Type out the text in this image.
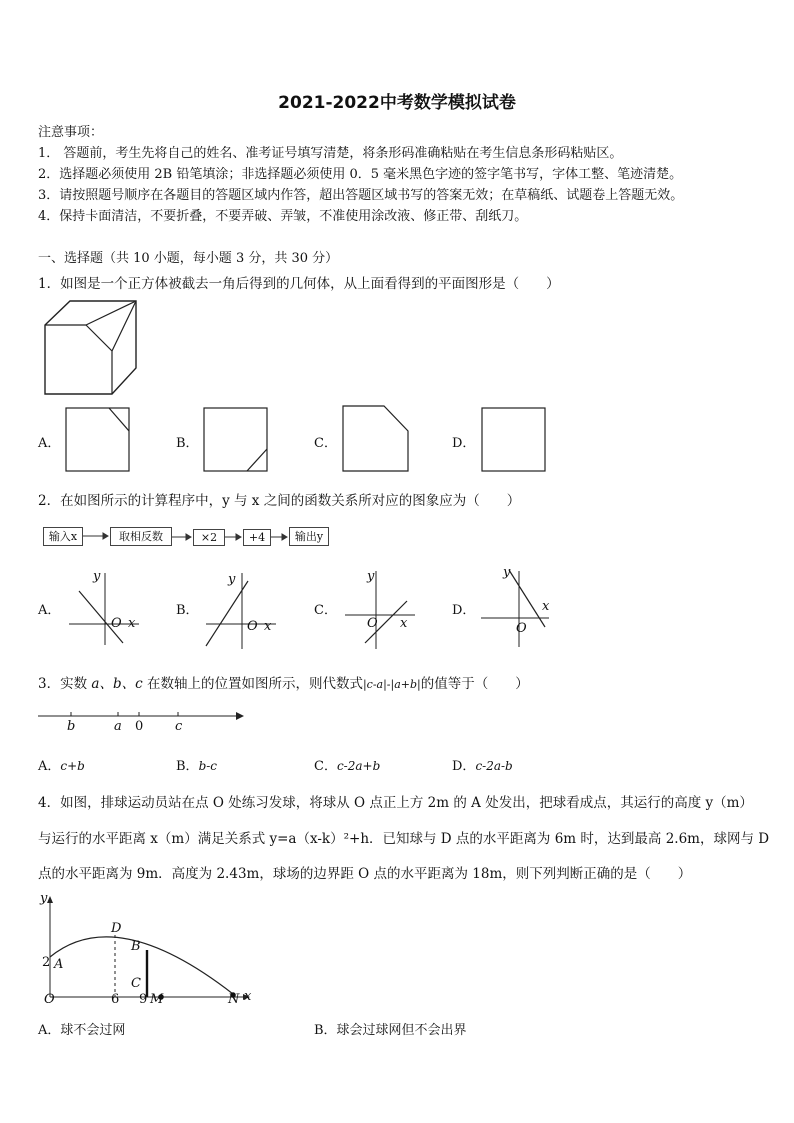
2021-2022中考数学模拟试卷
注意事项：
1． 答题前，考生先将自己的姓名、准考证号填写清楚，将条形码准确粘贴在考生信息条形码粘贴区。
2．选择题必须使用 2B 铅笔填涂；非选择题必须使用 0．5 毫米黑色字迹的签字笔书写，字体工整、笔迹清楚。
3．请按照题号顺序在各题目的答题区域内作答，超出答题区域书写的答案无效；在草稿纸、试题卷上答题无效。
4．保持卡面清洁，不要折叠，不要弄破、弄皱，不准使用涂改液、修正带、刮纸刀。
一、选择题（共 10 小题，每小题 3 分，共 30 分）
1．如图是一个正方体被截去一角后得到的几何体，从上面看得到的平面图形是（　　）
A．	B．	C．	D．
2．在如图所示的计算程序中，y 与 x 之间的函数关系所对应的图象应为（　　）
输入x	取相反数	×2	+4	输出y
A．
y
O x
B．
y
O x
C．
y
O x
D．
y
O
x
3．实数 a、b、c 在数轴上的位置如图所示，则代数式|c-a|-|a+b|的值等于（　　）
b	a 0 c
A．c+b	B．b-c	C．c-2a+b	D．c-2a-b
4．如图，排球运动员站在点 O 处练习发球，将球从 O 点正上方 2m 的 A 处发出，把球看成点，其运行的高度 y（m）
与运行的水平距离 x（m）满足关系式 y=a（x-k）²+h．已知球与 D 点的水平距离为 6m 时，达到最高 2.6m，球网与 D
点的水平距离为 9m．高度为 2.43m，球场的边界距 O 点的水平距离为 18m，则下列判断正确的是（　　）
y
2 A
D
B
C
O	6 9 M	N x
A．球不会过网	B．球会过球网但不会出界
